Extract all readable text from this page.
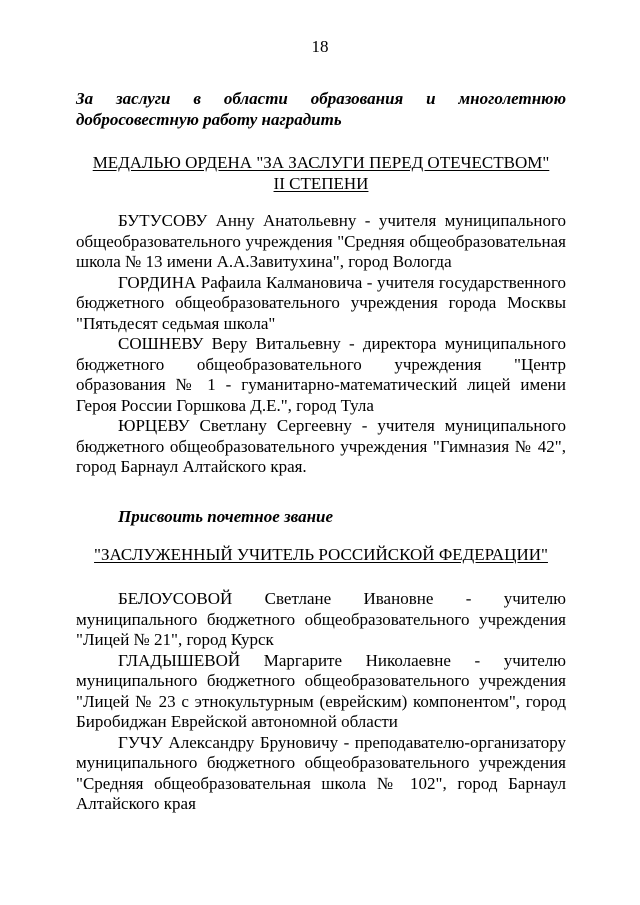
18
За заслуги в области образования и многолетнюю добросовестную работу наградить
МЕДАЛЬЮ ОРДЕНА "ЗА ЗАСЛУГИ ПЕРЕД ОТЕЧЕСТВОМ"
II СТЕПЕНИ

БУТУСОВУ Анну Анатольевну - учителя муниципального общеобразовательного учреждения "Средняя общеобразовательная школа № 13 имени А.А.Завитухина", город Вологда

ГОРДИНА Рафаила Калмановича - учителя государственного бюджетного общеобразовательного учреждения города Москвы "Пятьдесят седьмая школа"

СОШНЕВУ Веру Витальевну - директора муниципального бюджетного общеобразовательного учреждения "Центр образования № 1 - гуманитарно-математический лицей имени Героя России Горшкова Д.Е.", город Тула

ЮРЦЕВУ Светлану Сергеевну - учителя муниципального бюджетного общеобразовательного учреждения "Гимназия № 42", город Барнаул Алтайского края.

Присвоить почетное звание
"ЗАСЛУЖЕННЫЙ УЧИТЕЛЬ РОССИЙСКОЙ ФЕДЕРАЦИИ"

БЕЛОУСОВОЙ Светлане Ивановне - учителю муниципального бюджетного общеобразовательного учреждения "Лицей № 21", город Курск

ГЛАДЫШЕВОЙ Маргарите Николаевне - учителю муниципального бюджетного общеобразовательного учреждения "Лицей № 23 с этнокультурным (еврейским) компонентом", город Биробиджан Еврейской автономной области

ГУЧУ Александру Бруновичу - преподавателю-организатору муниципального бюджетного общеобразовательного учреждения "Средняя общеобразовательная школа № 102", город Барнаул Алтайского края
